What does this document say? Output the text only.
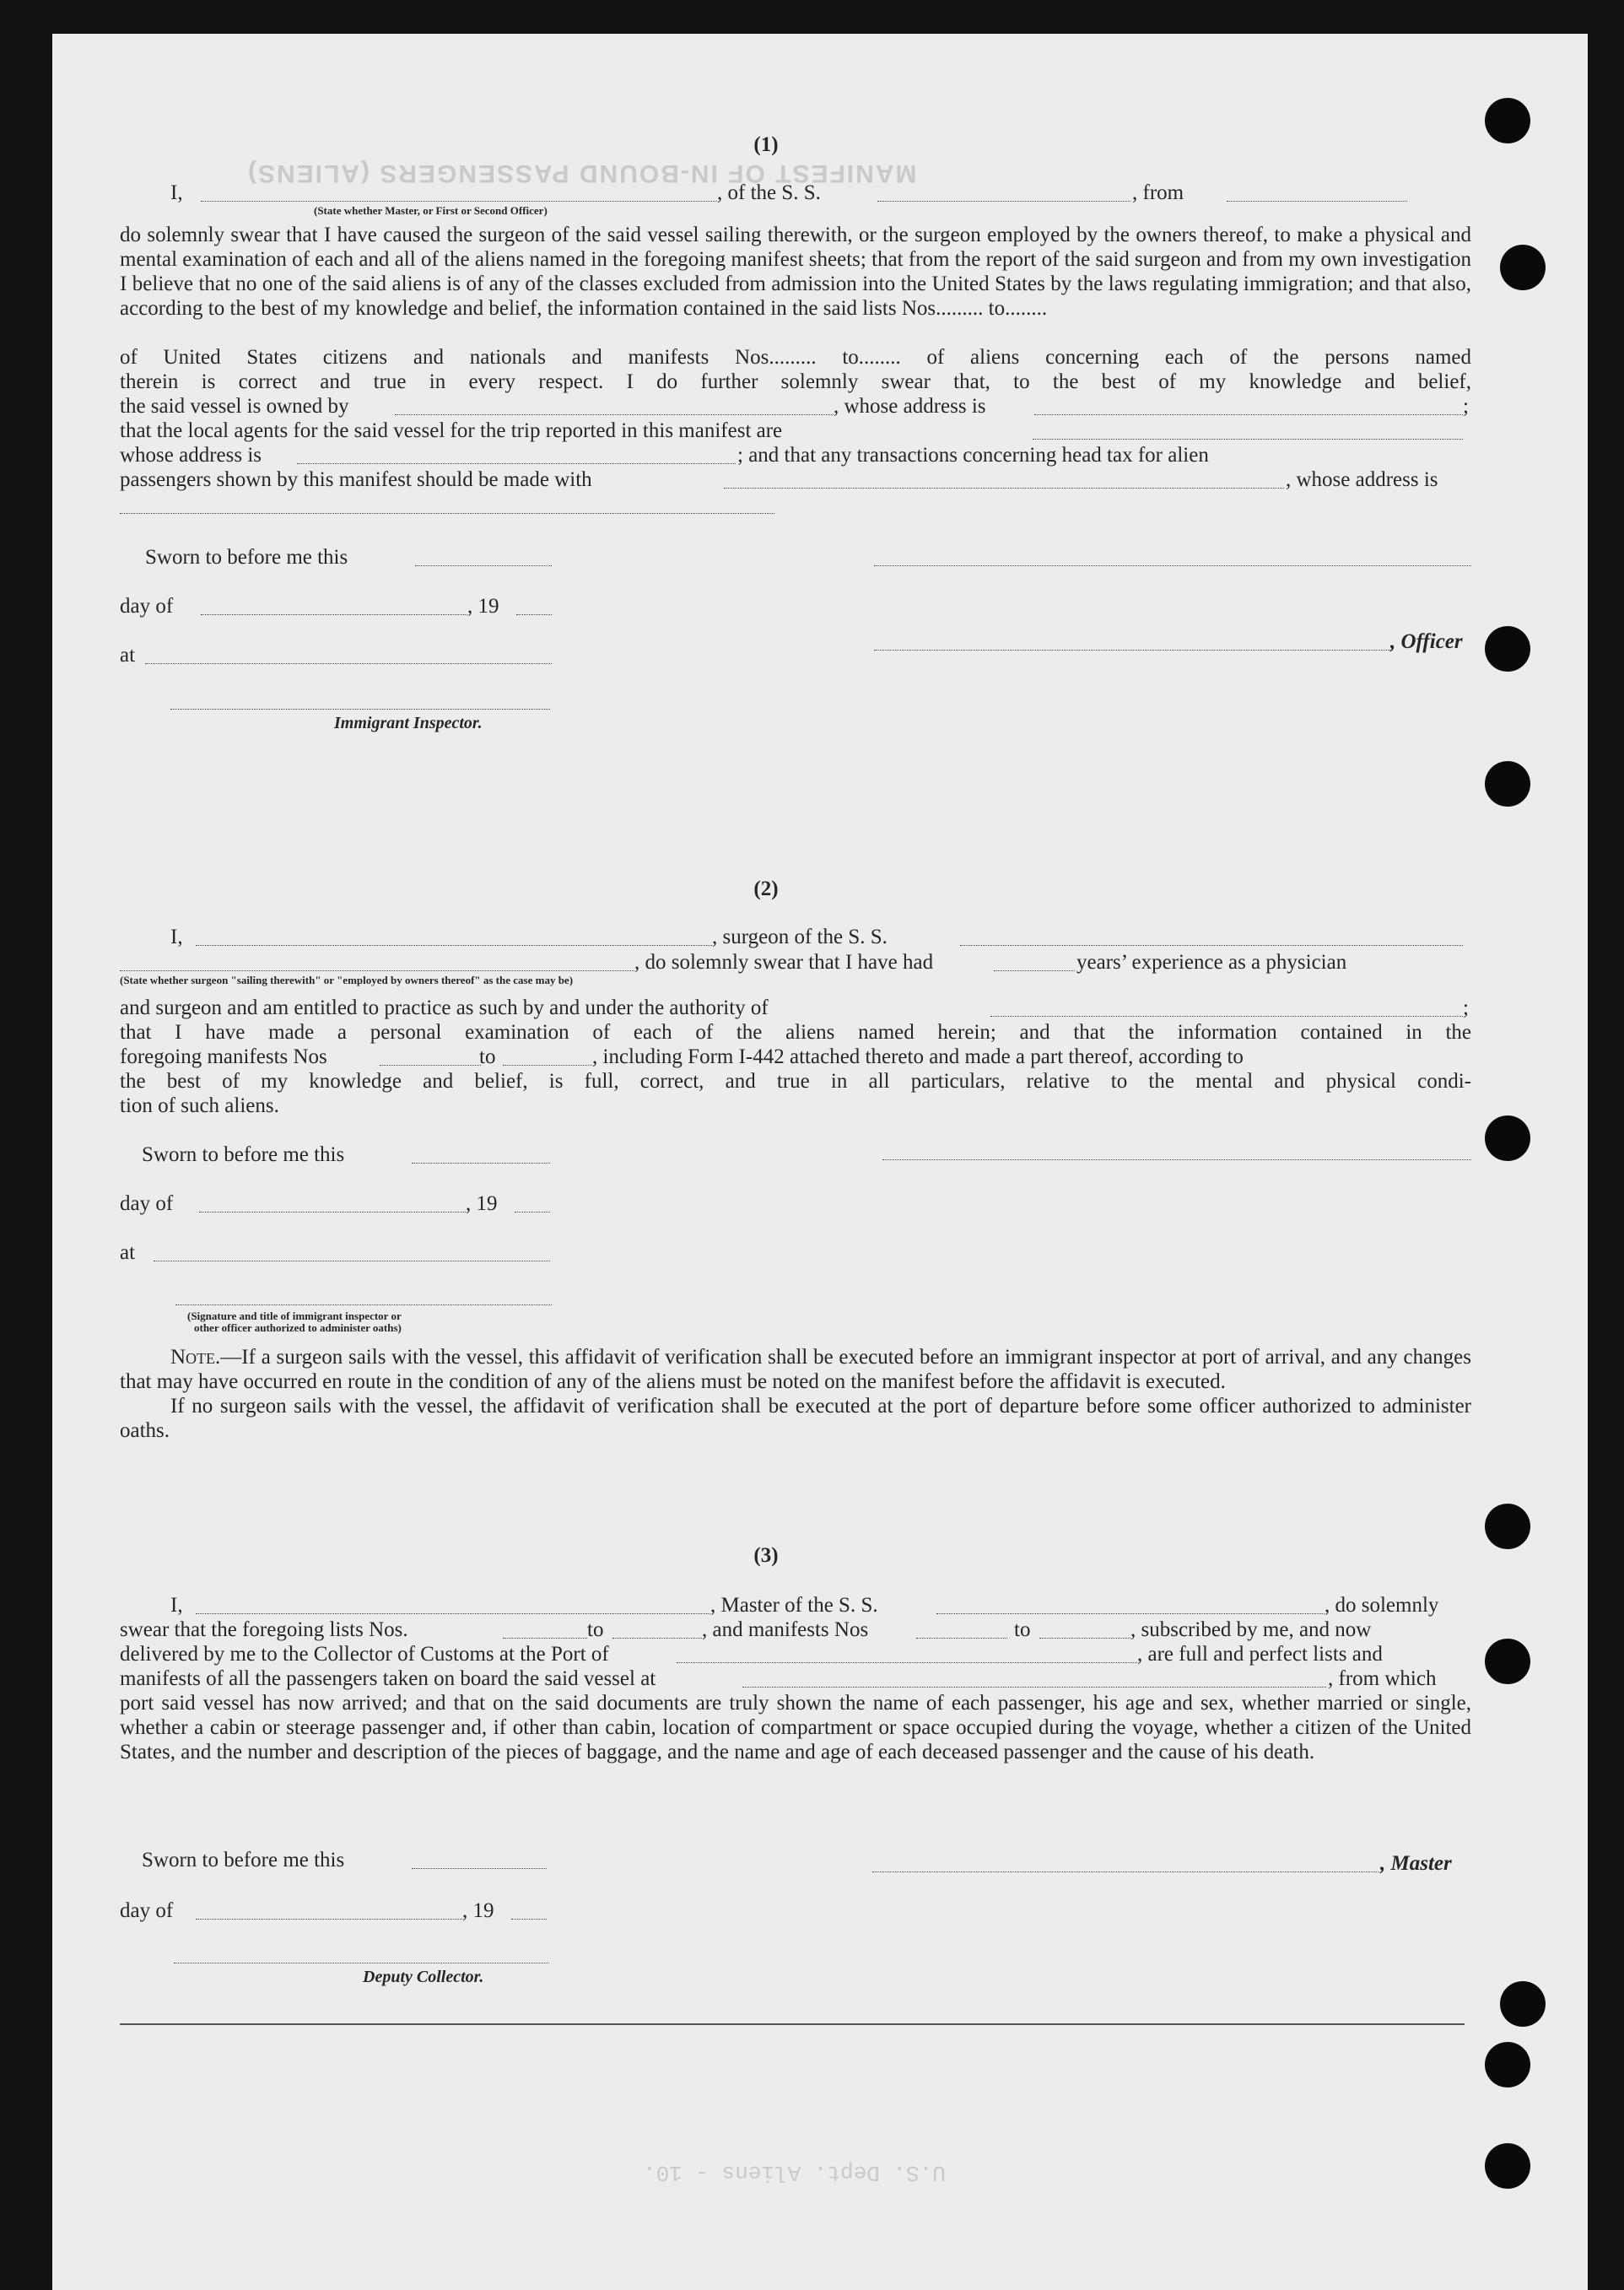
MANIFEST OF IN-BOUND PASSENGERS (ALIENS)
U.S. Dept. Aliens - 10.
(1)
I,	, of the S. S.	, from
(State whether Master, or First or Second Officer)

do solemnly swear that I have caused the surgeon of the said vessel sailing therewith, or the surgeon employed by the owners thereof, to make a physical and mental examination of each and all of the aliens named in the foregoing manifest sheets; that from the report of the said surgeon and from my own investigation I believe that no one of the said aliens is of any of the classes excluded from admission into the United States by the laws regulating immigration; and that also, according to the best of my knowledge and belief, the information contained in the said lists Nos......... to........

of United States citizens and nationals and manifests Nos......... to........ of aliens concerning each of the persons named
therein is correct and true in every respect. I do further solemnly swear that, to the best of my knowledge and belief,
the said vessel is owned by	, whose address is	;
that the local agents for the said vessel for the trip reported in this manifest are
whose address is	; and that any transactions concerning head tax for alien
passengers shown by this manifest should be made with	, whose address is
Sworn to before me this
day of	, 19
, Officer
at
Immigrant Inspector.
(2)
I,	, surgeon of the S. S.
, do solemnly swear that I have had	years’ experience as a physician
(State whether surgeon "sailing therewith" or "employed by owners thereof" as the case may be)
and surgeon and am entitled to practice as such by and under the authority of	;
that I have made a personal examination of each of the aliens named herein; and that the information contained in the
foregoing manifests Nos	to	, including Form I-442 attached thereto and made a part thereof, according to
the best of my knowledge and belief, is full, correct, and true in all particulars, relative to the mental and physical condi-
tion of such aliens.
Sworn to before me this
day of	, 19
at
(Signature and title of immigrant inspector or
other officer authorized to administer oaths)

Note.—If a surgeon sails with the vessel, this affidavit of verification shall be executed before an immigrant inspector at port of arrival, and any changes that may have occurred en route in the condition of any of the aliens must be noted on the manifest before the affidavit is executed.

If no surgeon sails with the vessel, the affidavit of verification shall be executed at the port of departure before some officer authorized to administer oaths.

(3)
I,	, Master of the S. S.	, do solemnly
swear that the foregoing lists Nos.	to	, and manifests Nos	to	, subscribed by me, and now
delivered by me to the Collector of Customs at the Port of	, are full and perfect lists and
manifests of all the passengers taken on board the said vessel at	, from which

port said vessel has now arrived; and that on the said documents are truly shown the name of each passenger, his age and sex, whether married or single, whether a cabin or steerage passenger and, if other than cabin, location of compartment or space occupied during the voyage, whether a citizen of the United States, and the number and description of the pieces of baggage, and the name and age of each deceased passenger and the cause of his death.

Sworn to before me this	, Master
day of	, 19
Deputy Collector.
